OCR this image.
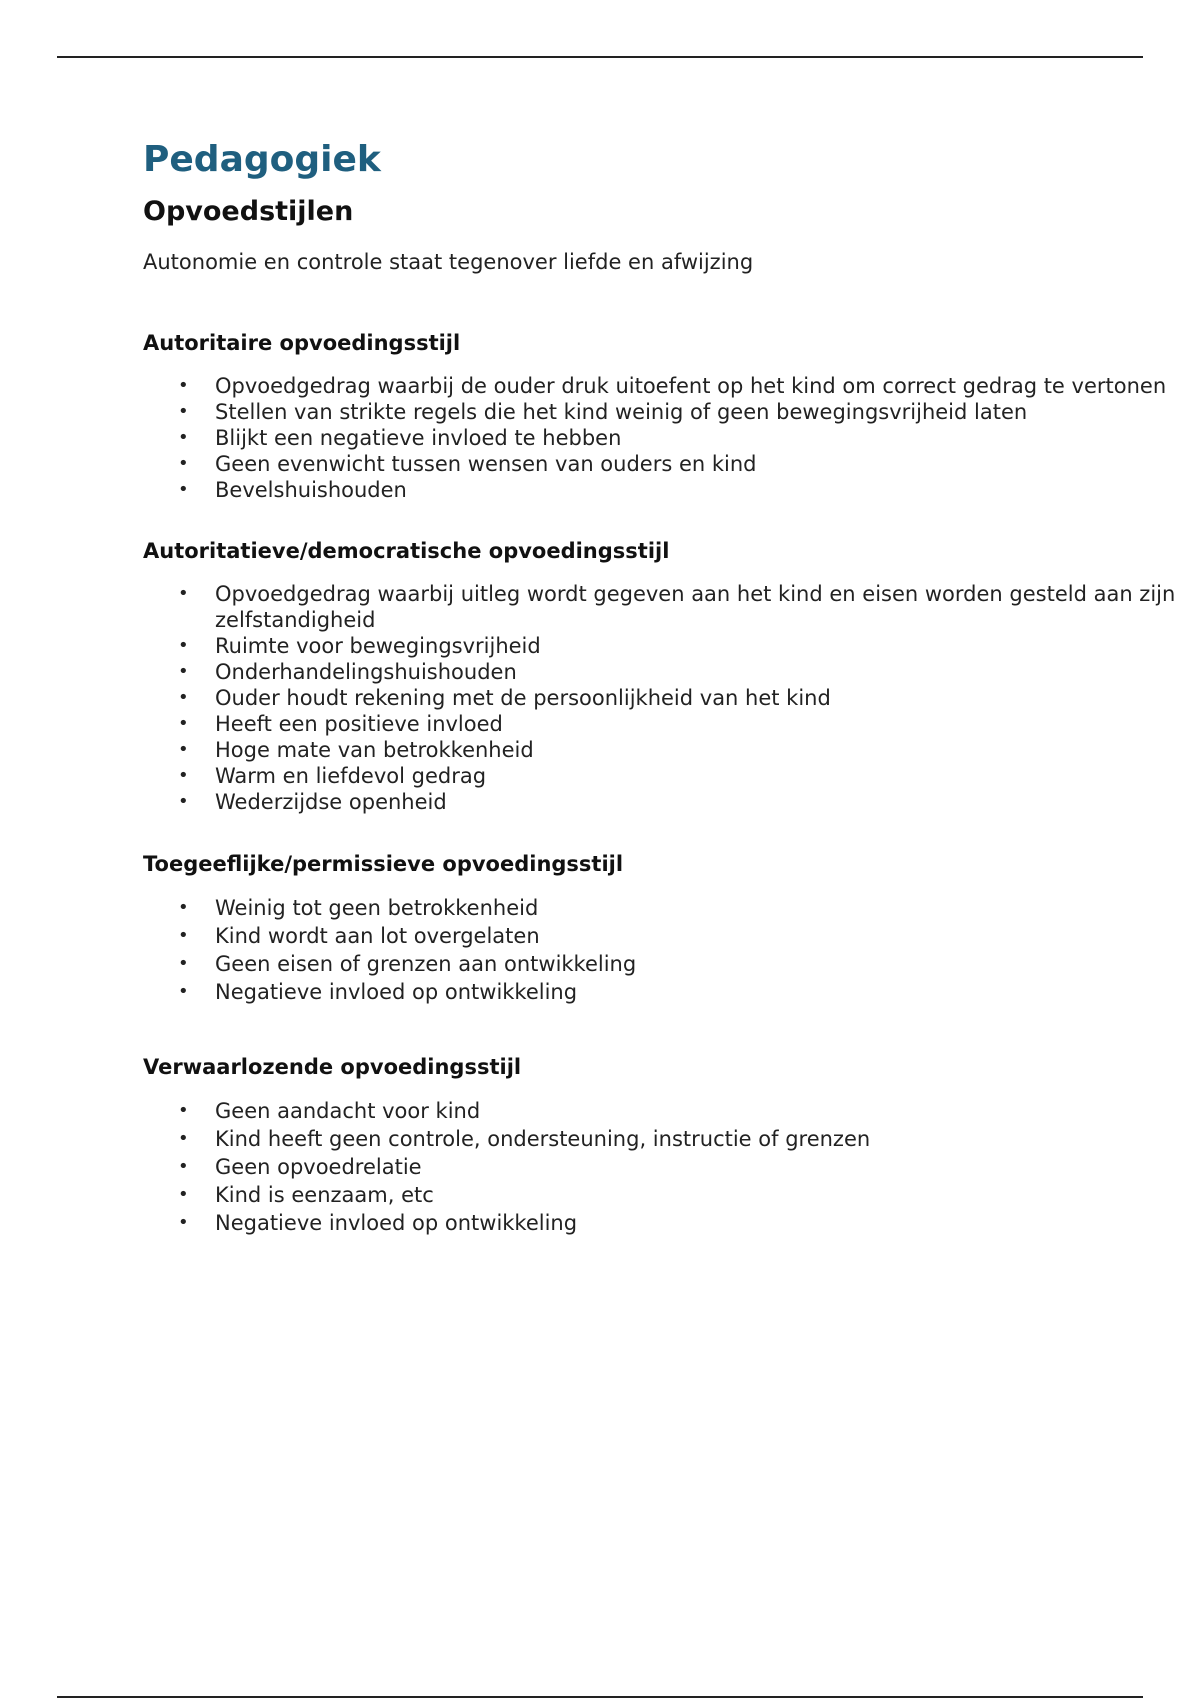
Pedagogiek
Opvoedstijlen

Autonomie en controle staat tegenover liefde en afwijzing

Autoritaire opvoedingsstijl
• Opvoedgedrag waarbij de ouder druk uitoefent op het kind om correct gedrag te vertonen
• Stellen van strikte regels die het kind weinig of geen bewegingsvrijheid laten
• Blijkt een negatieve invloed te hebben
• Geen evenwicht tussen wensen van ouders en kind
• Bevelshuishouden
Autoritatieve/democratische opvoedingsstijl
• Opvoedgedrag waarbij uitleg wordt gegeven aan het kind en eisen worden gesteld aan zijn zelfstandigheid
• Ruimte voor bewegingsvrijheid
• Onderhandelingshuishouden
• Ouder houdt rekening met de persoonlijkheid van het kind
• Heeft een positieve invloed
• Hoge mate van betrokkenheid
• Warm en liefdevol gedrag
• Wederzijdse openheid
Toegeeflijke/permissieve opvoedingsstijl
• Weinig tot geen betrokkenheid
• Kind wordt aan lot overgelaten
• Geen eisen of grenzen aan ontwikkeling
• Negatieve invloed op ontwikkeling
Verwaarlozende opvoedingsstijl
• Geen aandacht voor kind
• Kind heeft geen controle, ondersteuning, instructie of grenzen
• Geen opvoedrelatie
• Kind is eenzaam, etc
• Negatieve invloed op ontwikkeling
